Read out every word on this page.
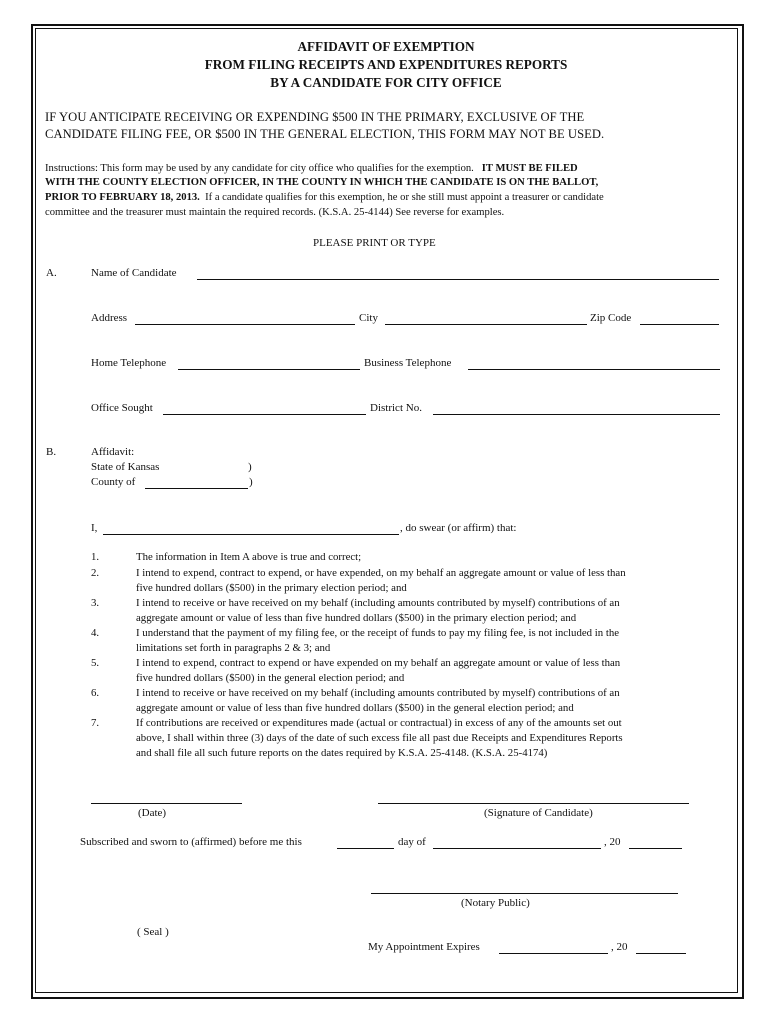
AFFIDAVIT OF EXEMPTION
FROM FILING RECEIPTS AND EXPENDITURES REPORTS
BY A CANDIDATE FOR CITY OFFICE
IF YOU ANTICIPATE RECEIVING OR EXPENDING $500 IN THE PRIMARY, EXCLUSIVE OF THE
CANDIDATE FILING FEE, OR $500 IN THE GENERAL ELECTION, THIS FORM MAY NOT BE USED.
Instructions: This form may be used by any candidate for city office who qualifies for the exemption. IT MUST BE FILED
WITH THE COUNTY ELECTION OFFICER, IN THE COUNTY IN WHICH THE CANDIDATE IS ON THE BALLOT,
PRIOR TO FEBRUARY 18, 2013. If a candidate qualifies for this exemption, he or she still must appoint a treasurer or candidate
committee and the treasurer must maintain the required records. (K.S.A. 25-4144) See reverse for examples.
PLEASE PRINT OR TYPE
A.	Name of Candidate
Address	City	Zip Code
Home Telephone	Business Telephone
Office Sought	District No.
B.	Affidavit:
State of Kansas	)
County of	)
I,	, do swear (or affirm) that:
1.	The information in Item A above is true and correct;
2.	I intend to expend, contract to expend, or have expended, on my behalf an aggregate amount or value of less than
five hundred dollars ($500) in the primary election period; and
3.	I intend to receive or have received on my behalf (including amounts contributed by myself) contributions of an
aggregate amount or value of less than five hundred dollars ($500) in the primary election period; and
4.	I understand that the payment of my filing fee, or the receipt of funds to pay my filing fee, is not included in the
limitations set forth in paragraphs 2 & 3; and
5.	I intend to expend, contract to expend or have expended on my behalf an aggregate amount or value of less than
five hundred dollars ($500) in the general election period; and
6.	I intend to receive or have received on my behalf (including amounts contributed by myself) contributions of an
aggregate amount or value of less than five hundred dollars ($500) in the general election period; and
7.	If contributions are received or expenditures made (actual or contractual) in excess of any of the amounts set out
above, I shall within three (3) days of the date of such excess file all past due Receipts and Expenditures Reports
and shall file all such future reports on the dates required by K.S.A. 25-4148. (K.S.A. 25-4174)
(Date)	(Signature of Candidate)
Subscribed and sworn to (affirmed) before me this	day of	, 20
(Notary Public)
( Seal )
My Appointment Expires	, 20
